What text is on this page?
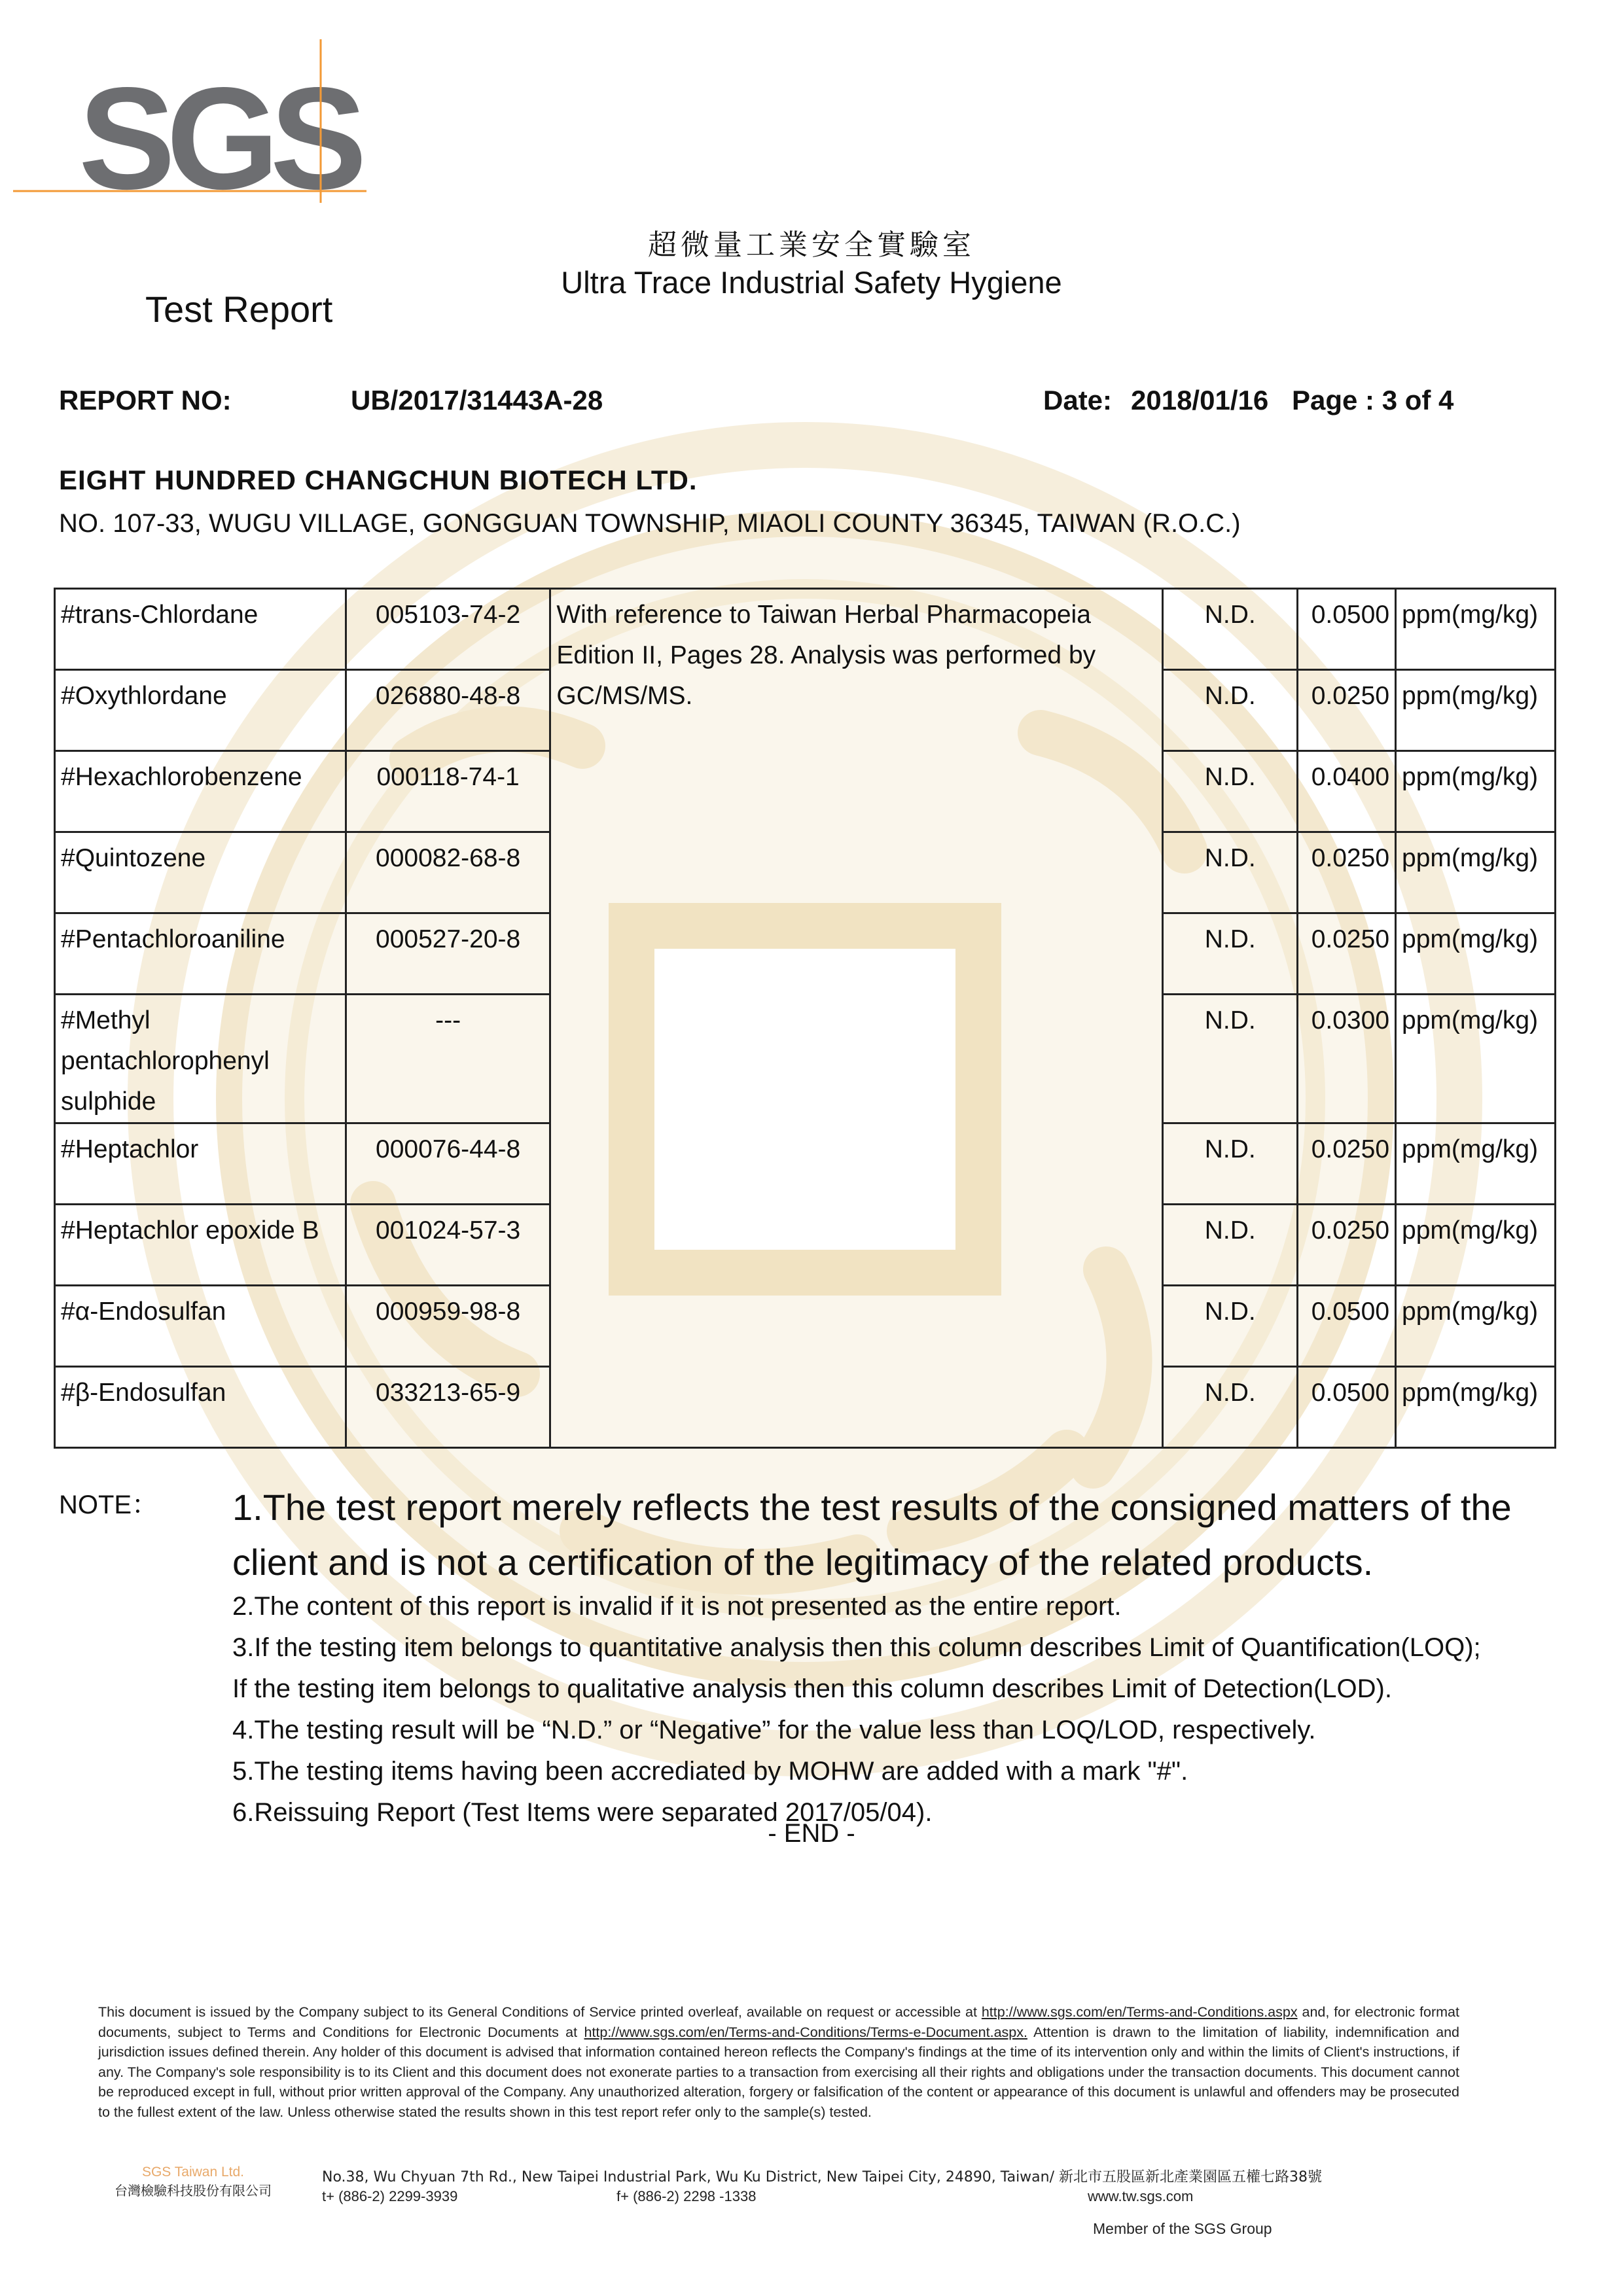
SGS
超微量工業安全實驗室
Ultra Trace Industrial Safety Hygiene
Test Report
REPORT NO:	UB/2017/31443A-28	Date: 2018/01/16 Page : 3 of 4
EIGHT HUNDRED CHANGCHUN BIOTECH LTD.
NO. 107-33, WUGU VILLAGE, GONGGUAN TOWNSHIP, MIAOLI COUNTY 36345, TAIWAN (R.O.C.)
#trans-Chlordane	005103-74-2	With reference to Taiwan Herbal Pharmacopeia Edition II, Pages 28. Analysis was performed by GC/MS/MS.	N.D.	0.0500	ppm(mg/kg)
#Oxythlordane	026880-48-8		N.D.	0.0250	ppm(mg/kg)
#Hexachlorobenzene	000118-74-1		N.D.	0.0400	ppm(mg/kg)
#Quintozene	000082-68-8		N.D.	0.0250	ppm(mg/kg)
#Pentachloroaniline	000527-20-8		N.D.	0.0250	ppm(mg/kg)
#Methyl pentachlorophenyl sulphide	---		N.D.	0.0300	ppm(mg/kg)
#Heptachlor	000076-44-8		N.D.	0.0250	ppm(mg/kg)
#Heptachlor epoxide B	001024-57-3		N.D.	0.0250	ppm(mg/kg)
#α-Endosulfan	000959-98-8		N.D.	0.0500	ppm(mg/kg)
#β-Endosulfan	033213-65-9		N.D.	0.0500	ppm(mg/kg)
NOTE： 1.The test report merely reflects the test results of the consigned matters of the client and is not a certification of the legitimacy of the related products.
2.The content of this report is invalid if it is not presented as the entire report.
3.If the testing item belongs to quantitative analysis then this column describes Limit of Quantification(LOQ);
If the testing item belongs to qualitative analysis then this column describes Limit of Detection(LOD).
4.The testing result will be “N.D.” or “Negative” for the value less than LOQ/LOD, respectively.
5.The testing items having been accrediated by MOHW are added with a mark "#".
6.Reissuing Report (Test Items were separated 2017/05/04).
- END -
This document is issued by the Company subject to its General Conditions of Service printed overleaf, available on request or accessible at http://www.sgs.com/en/Terms-and-Conditions.aspx and, for electronic format documents, subject to Terms and Conditions for Electronic Documents at http://www.sgs.com/en/Terms-and-Conditions/Terms-e-Document.aspx. Attention is drawn to the limitation of liability, indemnification and jurisdiction issues defined therein. Any holder of this document is advised that information contained hereon reflects the Company's findings at the time of its intervention only and within the limits of Client's instructions, if any. The Company's sole responsibility is to its Client and this document does not exonerate parties to a transaction from exercising all their rights and obligations under the transaction documents. This document cannot be reproduced except in full, without prior written approval of the Company. Any unauthorized alteration, forgery or falsification of the content or appearance of this document is unlawful and offenders may be prosecuted to the fullest extent of the law. Unless otherwise stated the results shown in this test report refer only to the sample(s) tested.
SGS Taiwan Ltd.
台灣檢驗科技股份有限公司
No.38, Wu Chyuan 7th Rd., New Taipei Industrial Park, Wu Ku District, New Taipei City, 24890, Taiwan/ 新北市五股區新北產業園區五權七路38號
t+ (886-2) 2299-3939	f+ (886-2) 2298 -1338	www.tw.sgs.com
Member of the SGS Group
